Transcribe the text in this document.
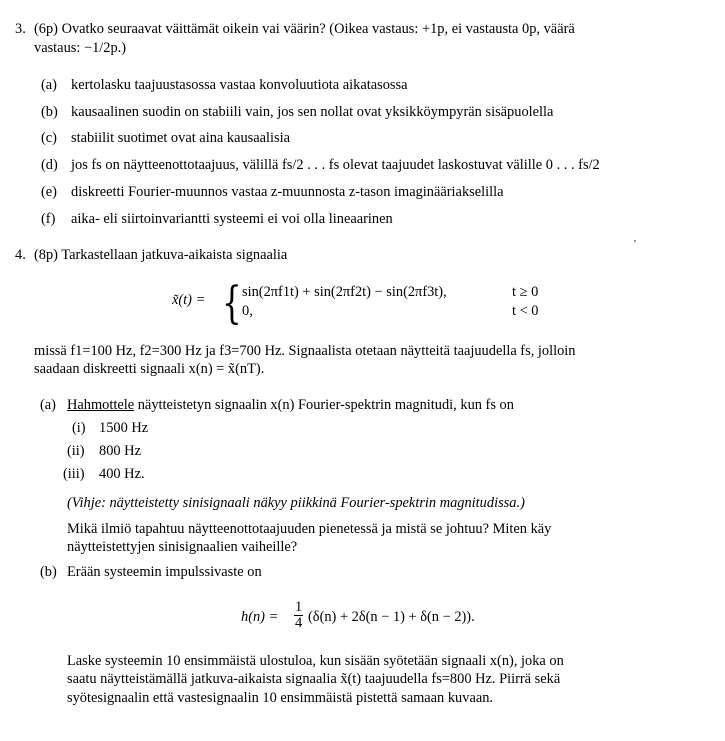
3. (6p) Ovatko seuraavat väittämät oikein vai väärin? (Oikea vastaus: +1p, ei vastausta 0p, väärä
vastaus: −1/2p.)
(a) kertolasku taajuustasossa vastaa konvoluutiota aikatasossa
(b) kausaalinen suodin on stabiili vain, jos sen nollat ovat yksikköympyrän sisäpuolella
(c) stabiilit suotimet ovat aina kausaalisia
(d) jos fs on näytteenottotaajuus, välillä fs/2 . . . fs olevat taajuudet laskostuvat välille 0 . . . fs/2
(e) diskreetti Fourier-muunnos vastaa z-muunnosta z-tason imaginääriakselilla
(f) aika- eli siirtoinvariantti systeemi ei voi olla lineaarinen
'
4. (8p) Tarkastellaan jatkuva-aikaista signaalia
x̃(t) = { sin(2πf1t) + sin(2πf2t) − sin(2πf3t),	t ≥ 0
0,	t < 0
missä f1=100 Hz, f2=300 Hz ja f3=700 Hz. Signaalista otetaan näytteitä taajuudella fs, jolloin
saadaan diskreetti signaali x(n) = x̃(nT).
(a) Hahmottele näytteistetyn signaalin x(n) Fourier-spektrin magnitudi, kun fs on
(i) 1500 Hz
(ii) 800 Hz
(iii) 400 Hz.
(Vihje: näytteistetty sinisignaali näkyy piikkinä Fourier-spektrin magnitudissa.)
Mikä ilmiö tapahtuu näytteenottotaajuuden pienetessä ja mistä se johtuu? Miten käy
näytteistettyjen sinisignaalien vaiheille?
(b) Erään systeemin impulssivaste on
$h(n) = \frac{1}{4} (\delta(n) + 2\delta(n - 1) + \delta(n - 2))$.
Laske systeemin 10 ensimmäistä ulostuloa, kun sisään syötetään signaali x(n), joka on
saatu näytteistämällä jatkuva-aikaista signaalia x̃(t) taajuudella fs=800 Hz. Piirrä sekä
syötesignaalin että vastesignaalin 10 ensimmäistä pistettä samaan kuvaan.
